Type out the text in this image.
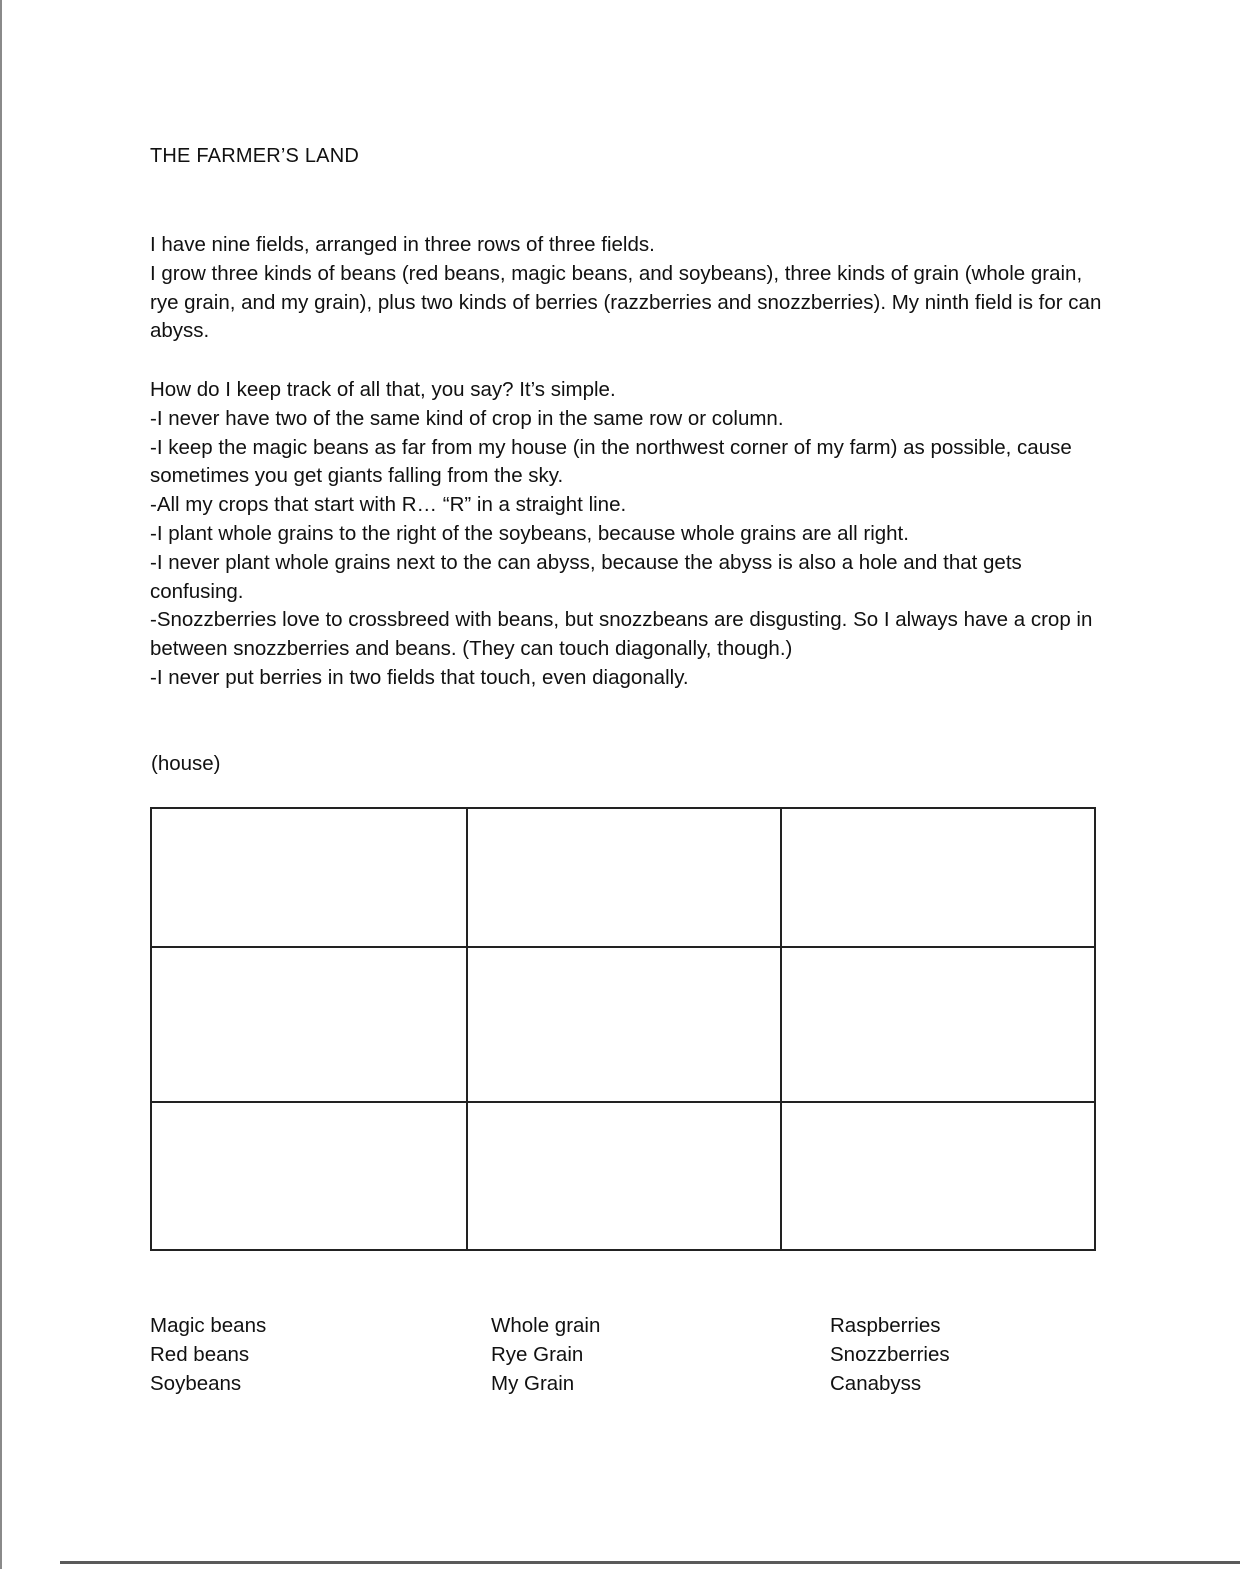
THE FARMER’S LAND

I have nine fields, arranged in three rows of three fields.

I grow three kinds of beans (red beans, magic beans, and soybeans), three kinds of grain (whole grain, rye grain, and my grain), plus two kinds of berries (razzberries and snozzberries). My ninth field is for can abyss.

How do I keep track of all that, you say? It’s simple.

-I never have two of the same kind of crop in the same row or column.

-I keep the magic beans as far from my house (in the northwest corner of my farm) as possible, cause sometimes you get giants falling from the sky.

-All my crops that start with R… “R” in a straight line.

-I plant whole grains to the right of the soybeans, because whole grains are all right.

-I never plant whole grains next to the can abyss, because the abyss is also a hole and that gets confusing.

-Snozzberries love to crossbreed with beans, but snozzbeans are disgusting. So I always have a crop in between snozzberries and beans. (They can touch diagonally, though.)

-I never put berries in two fields that touch, even diagonally.

(house)
Magic beans
Red beans
Soybeans
Whole grain
Rye Grain
My Grain
Raspberries
Snozzberries
Canabyss
